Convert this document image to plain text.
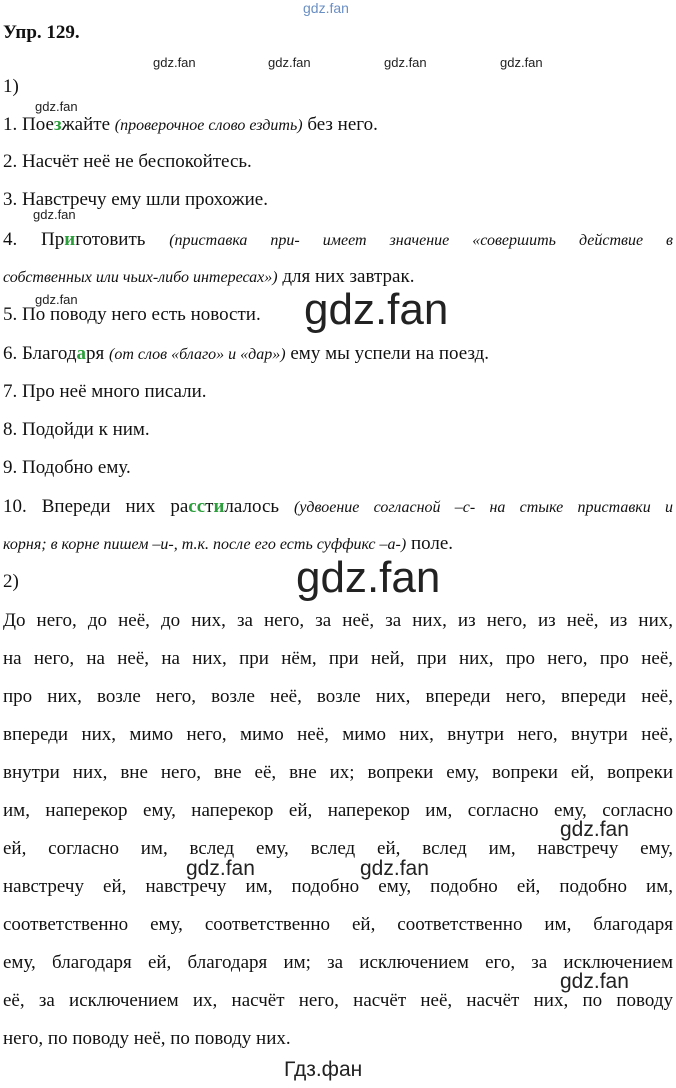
gdz.fan
gdz.fan	gdz.fan	gdz.fan	gdz.fan
gdz.fan
gdz.fan
gdz.fan	gdz.fan
gdz.fan
gdz.fan
gdz.fan	gdz.fan
gdz.fan
Гдз.фан
Упр. 129.
1)
1. Поезжайте (проверочное слово ездить) без него.
2. Насчёт неё не беспокойтесь.
3. Навстречу ему шли прохожие.
4. Приготовить (приставка при- имеет значение «совершить действие в
собственных или чьих-либо интересах») для них завтрак.
5. По поводу него есть новости.
6. Благодаря (от слов «благо» и «дар») ему мы успели на поезд.
7. Про неё много писали.
8. Подойди к ним.
9. Подобно ему.
10. Впереди них расстилалось (удвоение согласной –с- на стыке приставки и
корня; в корне пишем –и-, т.к. после его есть суффикс –а-) поле.
2)
До него, до неё, до них, за него, за неё, за них, из него, из неё, из них,
на него, на неё, на них, при нём, при ней, при них, про него, про неё,
про них, возле него, возле неё, возле них, впереди него, впереди неё,
впереди них, мимо него, мимо неё, мимо них, внутри него, внутри неё,
внутри них, вне него, вне её, вне их; вопреки ему, вопреки ей, вопреки
им, наперекор ему, наперекор ей, наперекор им, согласно ему, согласно
ей, согласно им, вслед ему, вслед ей, вслед им, навстречу ему,
навстречу ей, навстречу им, подобно ему, подобно ей, подобно им,
соответственно ему, соответственно ей, соответственно им, благодаря
ему, благодаря ей, благодаря им; за исключением его, за исключением
её, за исключением их, насчёт него, насчёт неё, насчёт них, по поводу
него, по поводу неё, по поводу них.
